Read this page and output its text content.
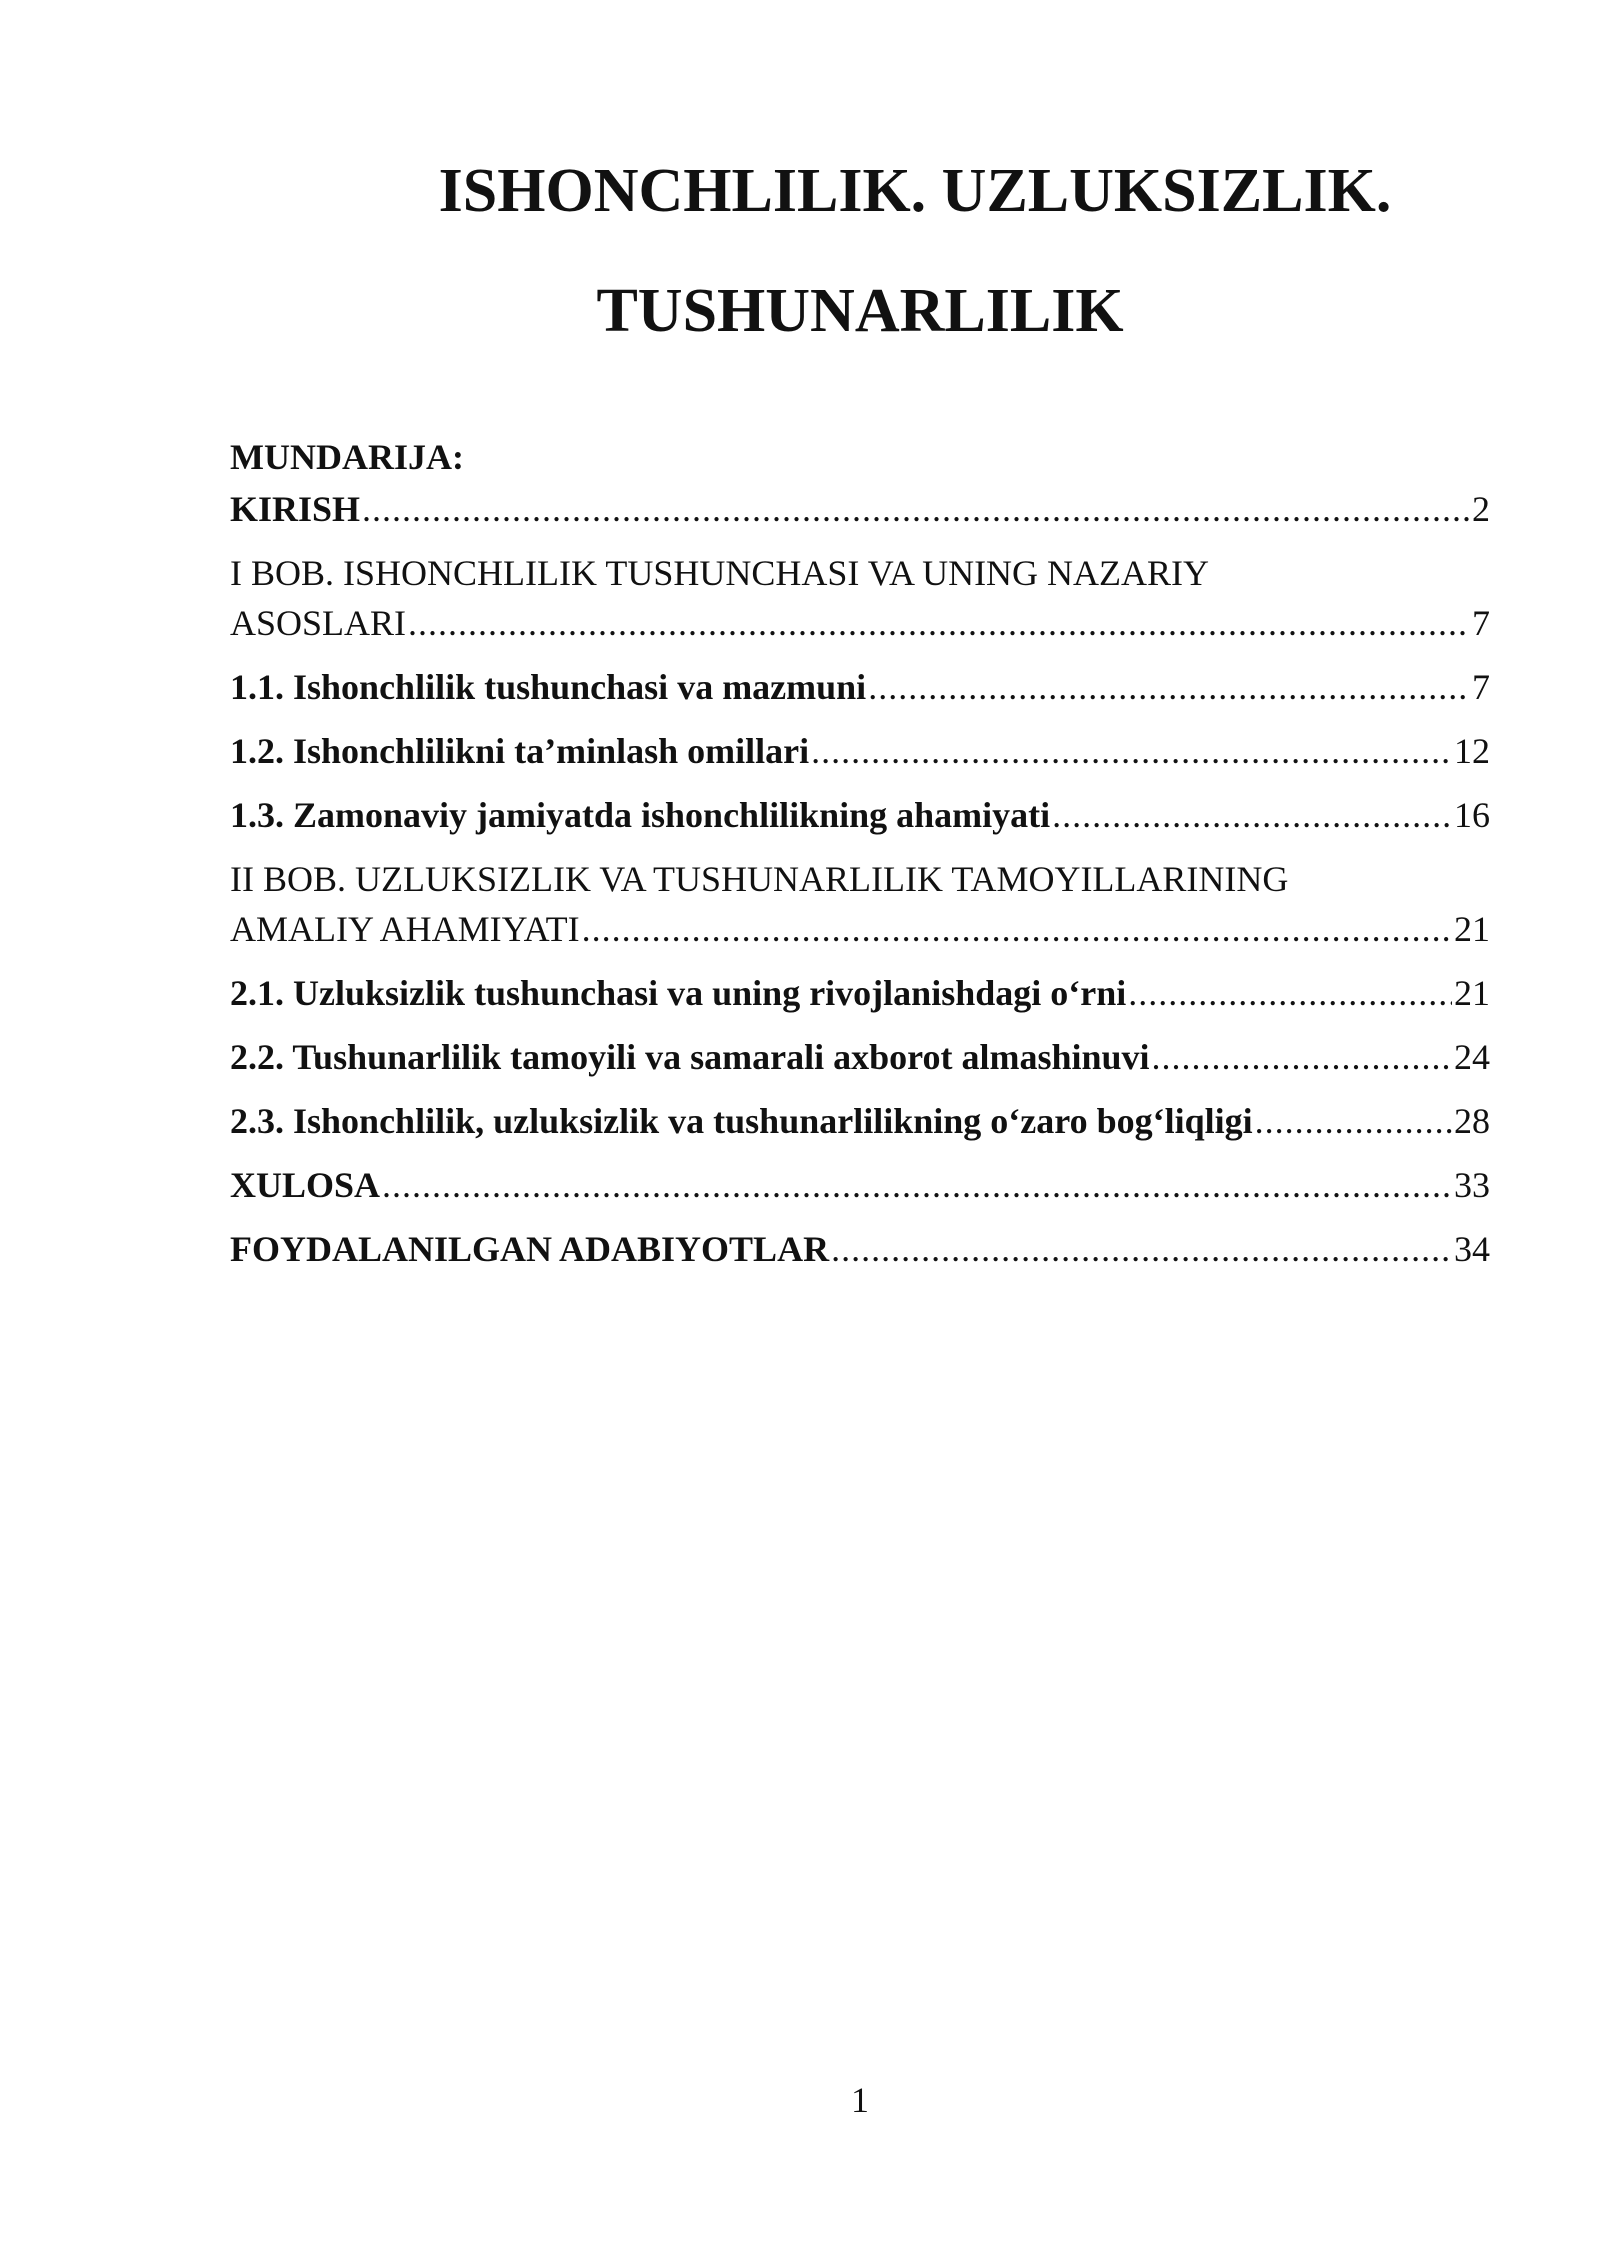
ISHONCHLILIK. UZLUKSIZLIK.
TUSHUNARLILIK
MUNDARIJA:
KIRISH .....	2
I BOB. ISHONCHLILIK TUSHUNCHASI VA UNING NAZARIY
ASOSLARI .....	7
1.1. Ishonchlilik tushunchasi va mazmuni .....	7
1.2. Ishonchlilikni ta’minlash omillari .....	12
1.3. Zamonaviy jamiyatda ishonchlilikning ahamiyati .....	16
II BOB. UZLUKSIZLIK VA TUSHUNARLILIK TAMOYILLARINING
AMALIY AHAMIYATI .....	21
2.1. Uzluksizlik tushunchasi va uning rivojlanishdagi o‘rni .....	21
2.2. Tushunarlilik tamoyili va samarali axborot almashinuvi .....	24
2.3. Ishonchlilik, uzluksizlik va tushunarlilikning o‘zaro bog‘liqligi .....	28
XULOSA .....	33
FOYDALANILGAN ADABIYOTLAR .....	34
1
